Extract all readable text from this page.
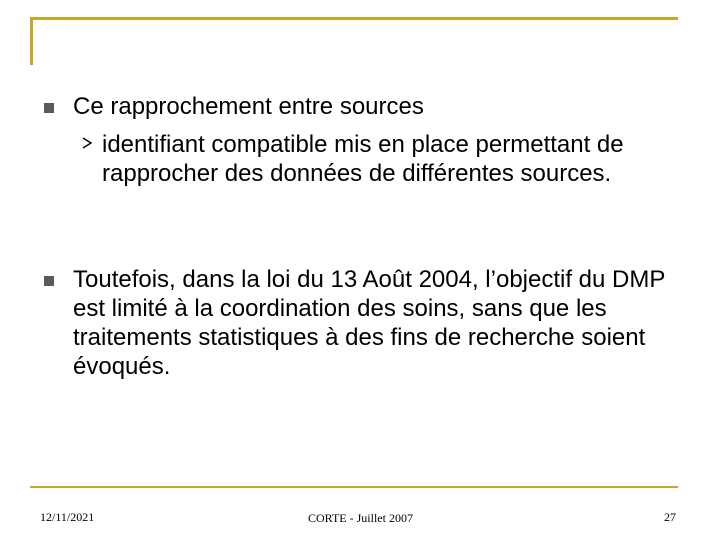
Ce rapprochement entre sources

identifiant compatible mis en place permettant de rapprocher des données de différentes sources.

Toutefois, dans la loi du 13 Août 2004, l’objectif du DMP est limité à la coordination des soins, sans que les traitements statistiques à des fins de recherche soient évoqués.

12/11/2021	CORTE - Juillet 2007	27
